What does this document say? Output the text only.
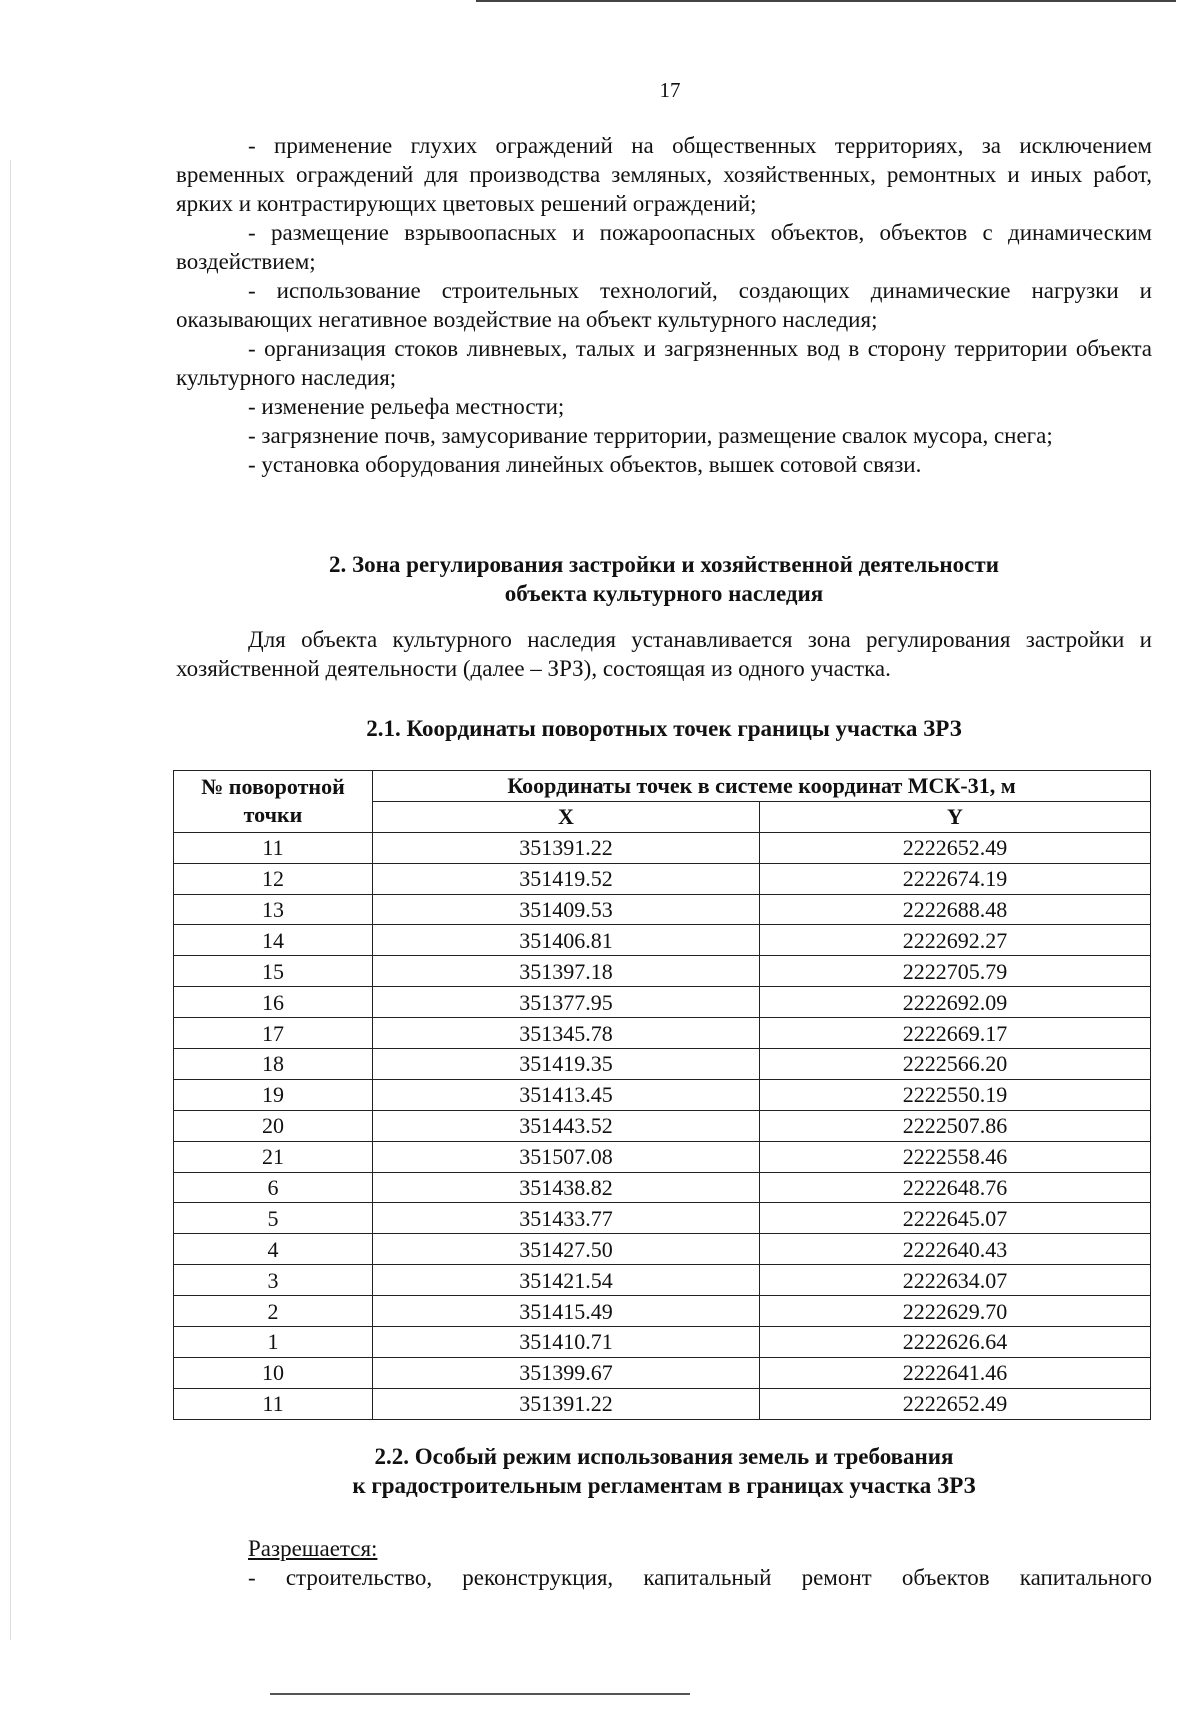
17

- применение глухих ограждений на общественных территориях, за исключением временных ограждений для производства земляных, хозяйственных, ремонтных и иных работ, ярких и контрастирующих цветовых решений ограждений;

- размещение взрывоопасных и пожароопасных объектов, объектов с динамическим воздействием;

- использование строительных технологий, создающих динамические нагрузки и оказывающих негативное воздействие на объект культурного наследия;

- организация стоков ливневых, талых и загрязненных вод в сторону территории объекта культурного наследия;

- изменение рельефа местности;

- загрязнение почв, замусоривание территории, размещение свалок мусора, снега;

- установка оборудования линейных объектов, вышек сотовой связи.

2. Зона регулирования застройки и хозяйственной деятельности
объекта культурного наследия

Для объекта культурного наследия устанавливается зона регулирования застройки и хозяйственной деятельности (далее – ЗРЗ), состоящая из одного участка.

2.1. Координаты поворотных точек границы участка ЗРЗ
№ поворотной
точки	Координаты точек в системе координат МСК-31, м	
	X	Y
11	351391.22	2222652.49
12	351419.52	2222674.19
13	351409.53	2222688.48
14	351406.81	2222692.27
15	351397.18	2222705.79
16	351377.95	2222692.09
17	351345.78	2222669.17
18	351419.35	2222566.20
19	351413.45	2222550.19
20	351443.52	2222507.86
21	351507.08	2222558.46
6	351438.82	2222648.76
5	351433.77	2222645.07
4	351427.50	2222640.43
3	351421.54	2222634.07
2	351415.49	2222629.70
1	351410.71	2222626.64
10	351399.67	2222641.46
11	351391.22	2222652.49
2.2. Особый режим использования земель и требования
к градостроительным регламентам в границах участка ЗРЗ

Разрешается:

- строительство, реконструкция, капитальный ремонт объектов капитального
